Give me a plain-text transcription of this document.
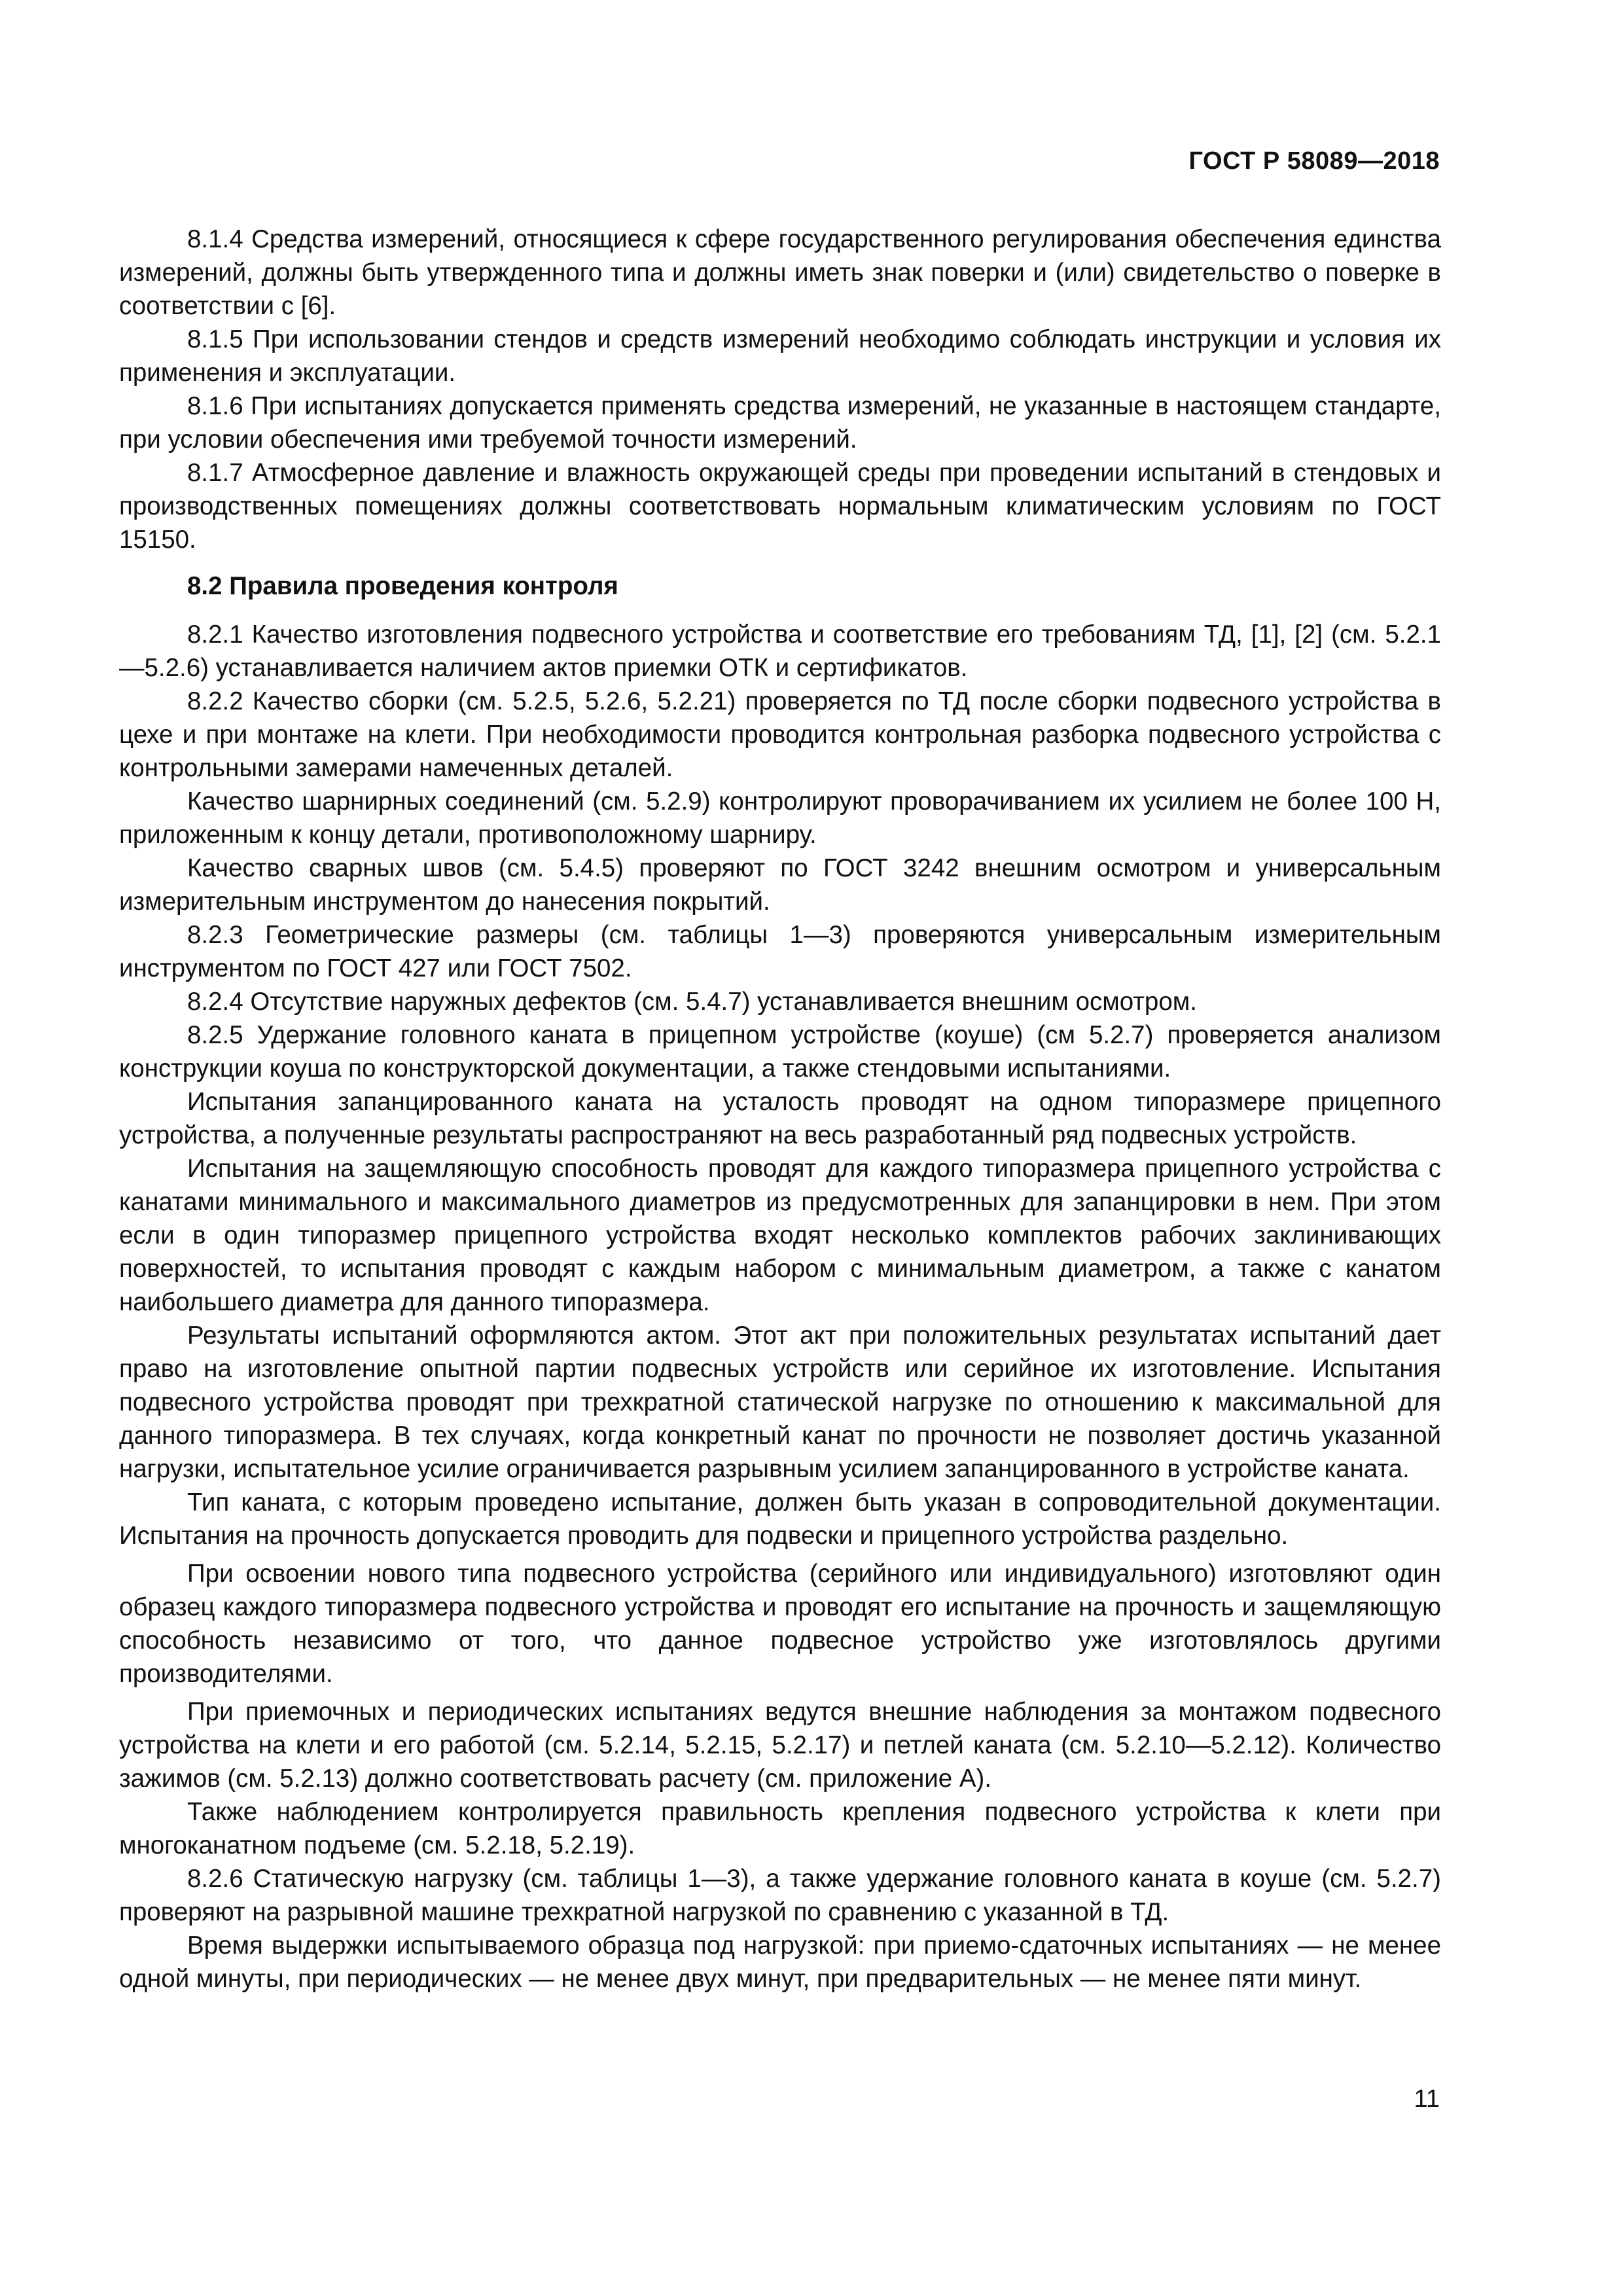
ГОСТ Р 58089—2018

8.1.4 Средства измерений, относящиеся к сфере государственного регулирования обеспечения единства измерений, должны быть утвержденного типа и должны иметь знак поверки и (или) свидетельство о поверке в соответствии с [6].

8.1.5 При использовании стендов и средств измерений необходимо соблюдать инструкции и условия их применения и эксплуатации.

8.1.6 При испытаниях допускается применять средства измерений, не указанные в настоящем стандарте, при условии обеспечения ими требуемой точности измерений.

8.1.7 Атмосферное давление и влажность окружающей среды при проведении испытаний в стендовых и производственных помещениях должны соответствовать нормальным климатическим условиям по ГОСТ 15150.

8.2 Правила проведения контроля

8.2.1 Качество изготовления подвесного устройства и соответствие его требованиям ТД, [1], [2] (см. 5.2.1—5.2.6) устанавливается наличием актов приемки ОТК и сертификатов.

8.2.2 Качество сборки (см. 5.2.5, 5.2.6, 5.2.21) проверяется по ТД после сборки подвесного устройства в цехе и при монтаже на клети. При необходимости проводится контрольная разборка подвесного устройства с контрольными замерами намеченных деталей.

Качество шарнирных соединений (см. 5.2.9) контролируют проворачиванием их усилием не более 100 Н, приложенным к концу детали, противоположному шарниру.

Качество сварных швов (см. 5.4.5) проверяют по ГОСТ 3242 внешним осмотром и универсальным измерительным инструментом до нанесения покрытий.

8.2.3 Геометрические размеры (см. таблицы 1—3) проверяются универсальным измерительным инструментом по ГОСТ 427 или ГОСТ 7502.

8.2.4 Отсутствие наружных дефектов (см. 5.4.7) устанавливается внешним осмотром.

8.2.5 Удержание головного каната в прицепном устройстве (коуше) (см 5.2.7) проверяется анализом конструкции коуша по конструкторской документации, а также стендовыми испытаниями.

Испытания запанцированного каната на усталость проводят на одном типоразмере прицепного устройства, а полученные результаты распространяют на весь разработанный ряд подвесных устройств.

Испытания на защемляющую способность проводят для каждого типоразмера прицепного устройства с канатами минимального и максимального диаметров из предусмотренных для запанцировки в нем. При этом если в один типоразмер прицепного устройства входят несколько комплектов рабочих заклинивающих поверхностей, то испытания проводят с каждым набором с минимальным диаметром, а также с канатом наибольшего диаметра для данного типоразмера.

Результаты испытаний оформляются актом. Этот акт при положительных результатах испытаний дает право на изготовление опытной партии подвесных устройств или серийное их изготовление. Испытания подвесного устройства проводят при трехкратной статической нагрузке по отношению к максимальной для данного типоразмера. В тех случаях, когда конкретный канат по прочности не позволяет достичь указанной нагрузки, испытательное усилие ограничивается разрывным усилием запанцированного в устройстве каната.

Тип каната, с которым проведено испытание, должен быть указан в сопроводительной документации. Испытания на прочность допускается проводить для подвески и прицепного устройства раздельно.

При освоении нового типа подвесного устройства (серийного или индивидуального) изготовляют один образец каждого типоразмера подвесного устройства и проводят его испытание на прочность и защемляющую способность независимо от того, что данное подвесное устройство уже изготовлялось другими производителями.

При приемочных и периодических испытаниях ведутся внешние наблюдения за монтажом подвесного устройства на клети и его работой (см. 5.2.14, 5.2.15, 5.2.17) и петлей каната (см. 5.2.10—5.2.12). Количество зажимов (см. 5.2.13) должно соответствовать расчету (см. приложение А).

Также наблюдением контролируется правильность крепления подвесного устройства к клети при многоканатном подъеме (см. 5.2.18, 5.2.19).

8.2.6 Статическую нагрузку (см. таблицы 1—3), а также удержание головного каната в коуше (см. 5.2.7) проверяют на разрывной машине трехкратной нагрузкой по сравнению с указанной в ТД.

Время выдержки испытываемого образца под нагрузкой: при приемо-сдаточных испытаниях — не менее одной минуты, при периодических — не менее двух минут, при предварительных — не менее пяти минут.

11
